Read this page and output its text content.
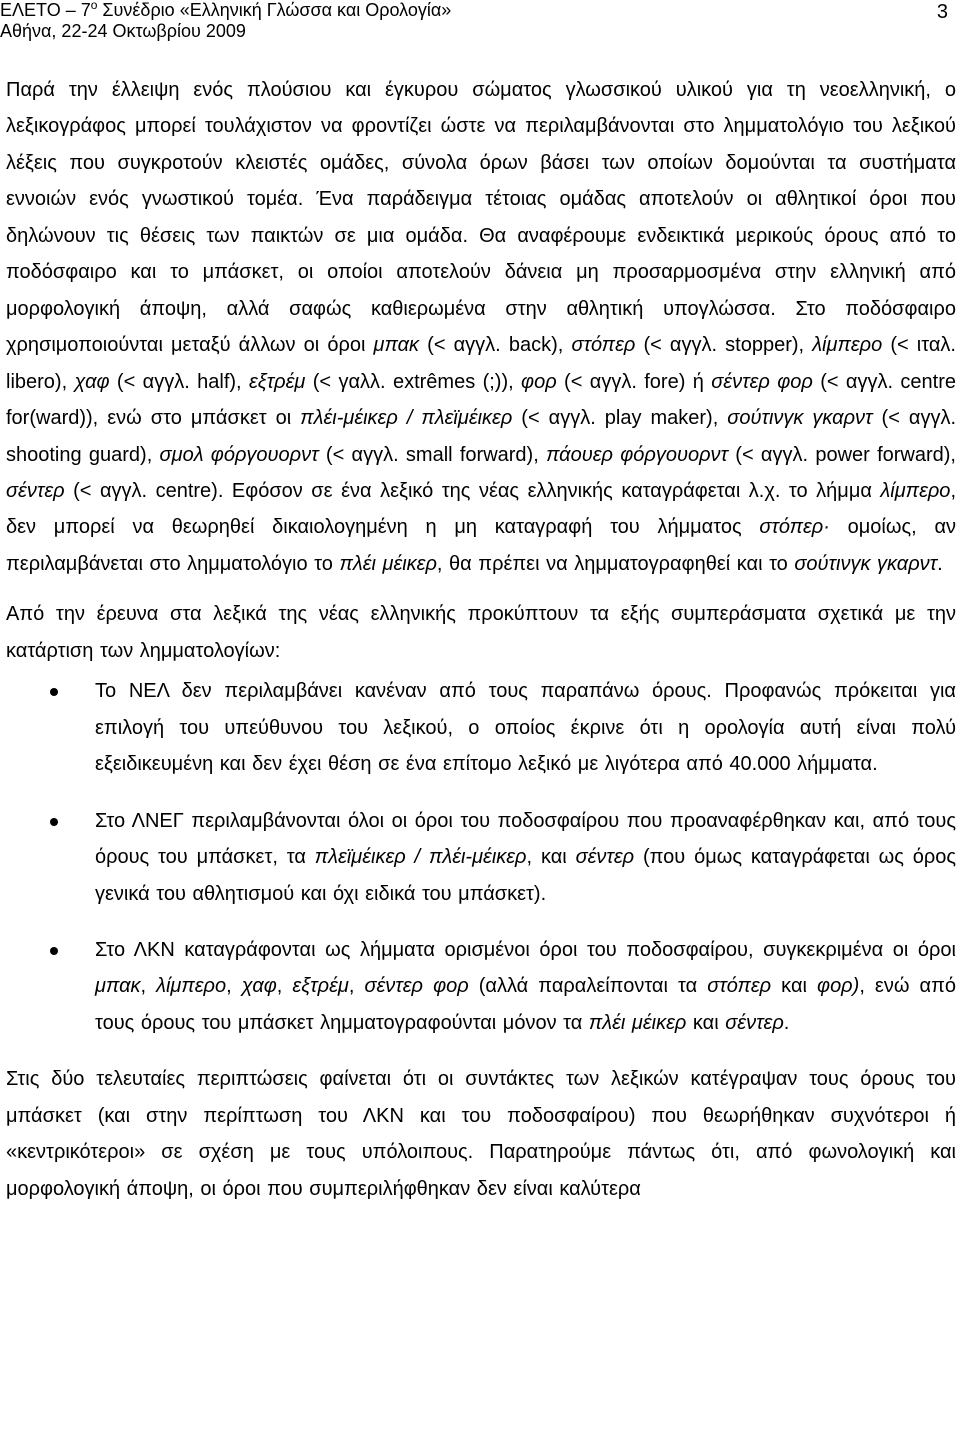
ΕΛΕΤΟ – $7^o$ Συνέδριο «Ελληνική Γλώσσα και Ορολογία»
Αθήνα, 22-24 Οκτωβρίου 2009
3

Παρά την έλλειψη ενός πλούσιου και έγκυρου σώματος γλωσσικού υλικού για τη νεοελληνική, ο λεξικογράφος μπορεί τουλάχιστον να φροντίζει ώστε να περιλαμβάνονται στο λημματολόγιο του λεξικού λέξεις που συγκροτούν κλειστές ομάδες, σύνολα όρων βάσει των οποίων δομούνται τα συστήματα εννοιών ενός γνωστικού τομέα. Ένα παράδειγμα τέτοιας ομάδας αποτελούν οι αθλητικοί όροι που δηλώνουν τις θέσεις των παικτών σε μια ομάδα. Θα αναφέρουμε ενδεικτικά μερικούς όρους από το ποδόσφαιρο και το μπάσκετ, οι οποίοι αποτελούν δάνεια μη προσαρμοσμένα στην ελληνική από μορφολογική άποψη, αλλά σαφώς καθιερωμένα στην αθλητική υπογλώσσα. Στο ποδόσφαιρο χρησιμοποιούνται μεταξύ άλλων οι όροι μπακ (< αγγλ. back), στόπερ (< αγγλ. stopper), λίμπερο (< ιταλ. libero), χαφ (< αγγλ. half), εξτρέμ (< γαλλ. extrêmes (;)), φορ (< αγγλ. fore) ή σέντερ φορ (< αγγλ. centre for(ward)), ενώ στο μπάσκετ οι πλέι-μέικερ / πλεϊμέικερ (< αγγλ. play maker), σούτινγκ γκαρντ (< αγγλ. shooting guard), σμολ φόργουορντ (< αγγλ. small forward), πάουερ φόργουορντ (< αγγλ. power forward), σέντερ (< αγγλ. centre). Εφόσον σε ένα λεξικό της νέας ελληνικής καταγράφεται λ.χ. το λήμμα λίμπερο, δεν μπορεί να θεωρηθεί δικαιολογημένη η μη καταγραφή του λήμματος στόπερ· ομοίως, αν περιλαμβάνεται στο λημματολόγιο το πλέι μέικερ, θα πρέπει να λημματογραφηθεί και το σούτινγκ γκαρντ.

Από την έρευνα στα λεξικά της νέας ελληνικής προκύπτουν τα εξής συμπεράσματα σχετικά με την κατάρτιση των λημματολογίων:

Το ΝΕΛ δεν περιλαμβάνει κανέναν από τους παραπάνω όρους. Προφανώς πρόκειται για επιλογή του υπεύθυνου του λεξικού, ο οποίος έκρινε ότι η ορολογία αυτή είναι πολύ εξειδικευμένη και δεν έχει θέση σε ένα επίτομο λεξικό με λιγότερα από 40.000 λήμματα.

Στο ΛΝΕΓ περιλαμβάνονται όλοι οι όροι του ποδοσφαίρου που προαναφέρθηκαν και, από τους όρους του μπάσκετ, τα πλεϊμέικερ / πλέι-μέικερ, και σέντερ (που όμως καταγράφεται ως όρος γενικά του αθλητισμού και όχι ειδικά του μπάσκετ).

Στο ΛΚΝ καταγράφονται ως λήμματα ορισμένοι όροι του ποδοσφαίρου, συγκεκριμένα οι όροι μπακ, λίμπερο, χαφ, εξτρέμ, σέντερ φορ (αλλά παραλείπονται τα στόπερ και φορ), ενώ από τους όρους του μπάσκετ λημματογραφούνται μόνον τα πλέι μέικερ και σέντερ.

Στις δύο τελευταίες περιπτώσεις φαίνεται ότι οι συντάκτες των λεξικών κατέγραψαν τους όρους του μπάσκετ (και στην περίπτωση του ΛΚΝ και του ποδοσφαίρου) που θεωρήθηκαν συχνότεροι ή «κεντρικότεροι» σε σχέση με τους υπόλοιπους. Παρατηρούμε πάντως ότι, από φωνολογική και μορφολογική άποψη, οι όροι που συμπεριλήφθηκαν δεν είναι καλύτερα
